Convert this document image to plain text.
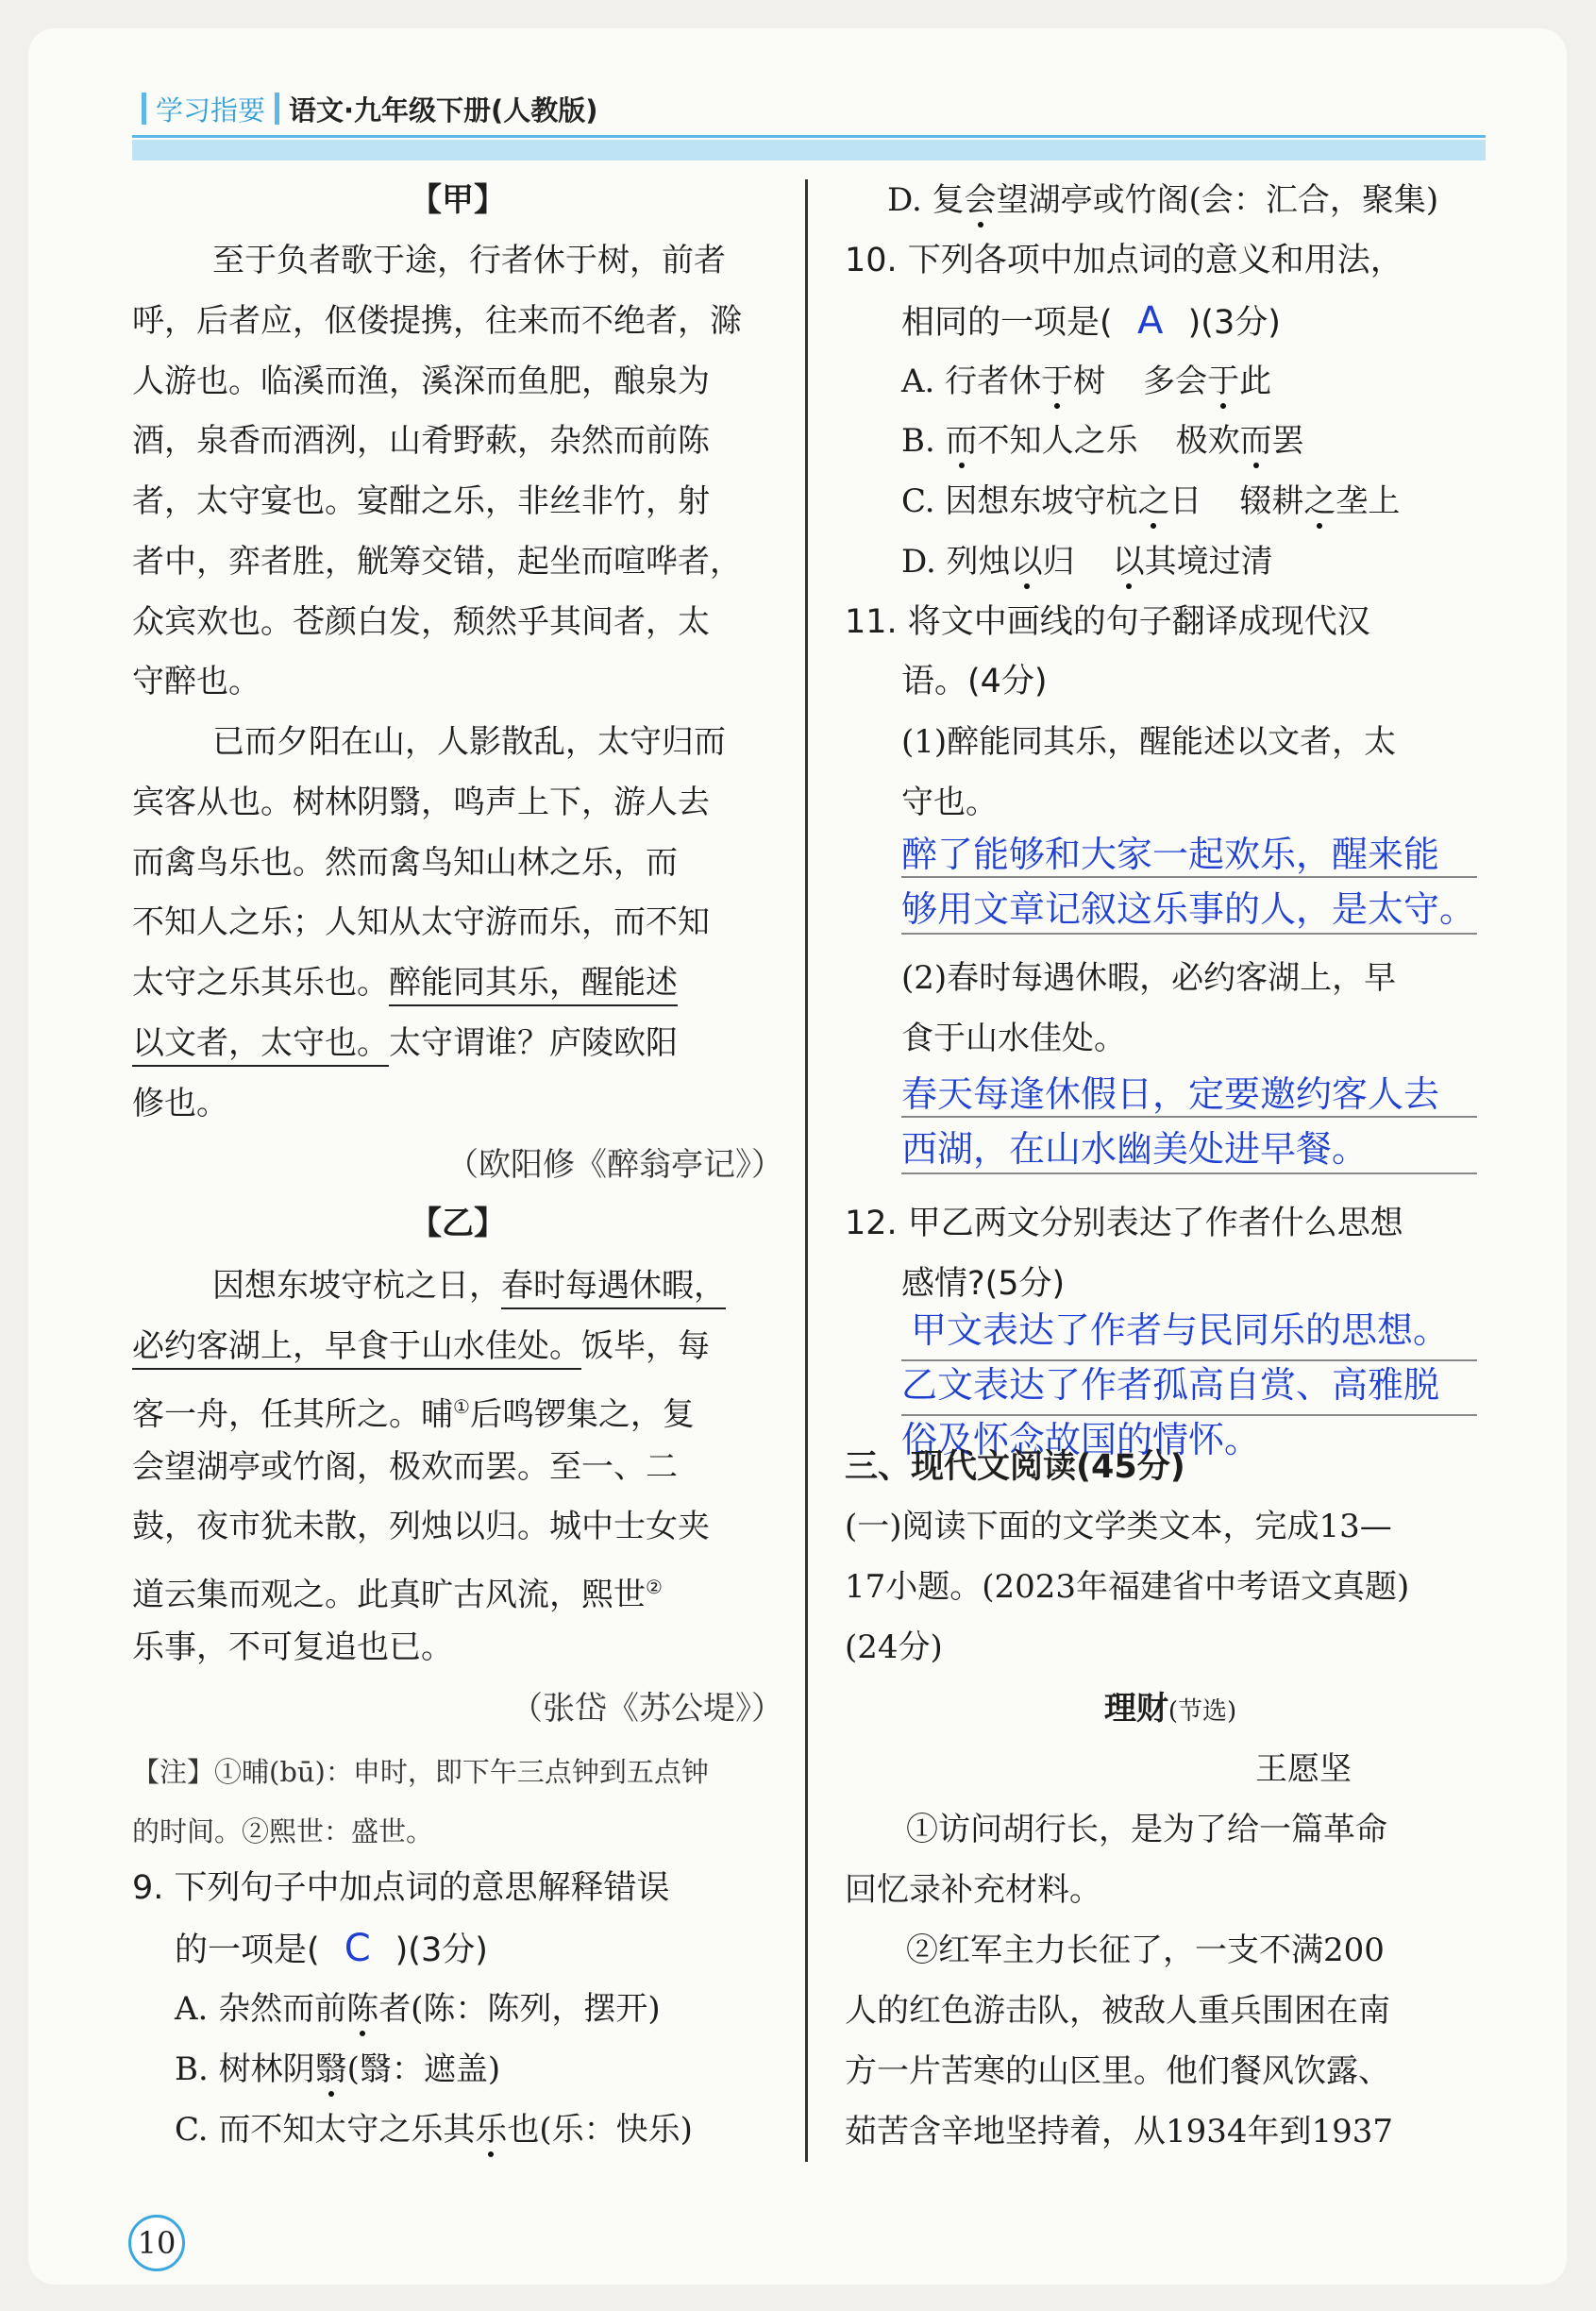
学习指要 语文·九年级下册(人教版)
【甲】
至于负者歌于途，行者休于树，前者
呼，后者应，伛偻提携，往来而不绝者，滁
人游也。临溪而渔，溪深而鱼肥，酿泉为
酒，泉香而酒洌，山肴野蔌，杂然而前陈
者，太守宴也。宴酣之乐，非丝非竹，射
者中，弈者胜，觥筹交错，起坐而喧哗者，
众宾欢也。苍颜白发，颓然乎其间者，太
守醉也。
已而夕阳在山，人影散乱，太守归而
宾客从也。树林阴翳，鸣声上下，游人去
而禽鸟乐也。然而禽鸟知山林之乐，而
不知人之乐；人知从太守游而乐，而不知
太守之乐其乐也。醉能同其乐，醒能述
以文者，太守也。太守谓谁？庐陵欧阳
修也。
（欧阳修《醉翁亭记》）
【乙】
因想东坡守杭之日，春时每遇休暇，
必约客湖上，早食于山水佳处。饭毕，每
客一舟，任其所之。晡①后鸣锣集之，复
会望湖亭或竹阁，极欢而罢。至一、二
鼓，夜市犹未散，列烛以归。城中士女夹
道云集而观之。此真旷古风流，熙世②
乐事，不可复追也已。
（张岱《苏公堤》）
【注】①晡(bū)：申时，即下午三点钟到五点钟
的时间。②熙世：盛世。
9. 下列句子中加点词的意思解释错误
的一项是( C )(3分)
A. 杂然而前陈者(陈：陈列，摆开)
B. 树林阴翳(翳：遮盖)
C. 而不知太守之乐其乐也(乐：快乐)
D. 复会望湖亭或竹阁(会：汇合，聚集)
10. 下列各项中加点词的意义和用法，
相同的一项是( A )(3分)
A. 行者休于树 多会于此
B. 而不知人之乐 极欢而罢
C. 因想东坡守杭之日 辍耕之垄上
D. 列烛以归 以其境过清
11. 将文中画线的句子翻译成现代汉
语。(4分)
(1)醉能同其乐，醒能述以文者，太
守也。
醉了能够和大家一起欢乐，醒来能
够用文章记叙这乐事的人，是太守。
(2)春时每遇休暇，必约客湖上，早
食于山水佳处。
春天每逢休假日，定要邀约客人去
西湖，在山水幽美处进早餐。
12. 甲乙两文分别表达了作者什么思想
感情?(5分)
甲文表达了作者与民同乐的思想。
乙文表达了作者孤高自赏、高雅脱
俗及怀念故国的情怀。
三、现代文阅读(45分)
(一)阅读下面的文学类文本，完成13—
17小题。(2023年福建省中考语文真题)
(24分)
理财(节选)
王愿坚
①访问胡行长，是为了给一篇革命
回忆录补充材料。
②红军主力长征了，一支不满200
人的红色游击队，被敌人重兵围困在南
方一片苦寒的山区里。他们餐风饮露、
茹苦含辛地坚持着，从1934年到1937
10
